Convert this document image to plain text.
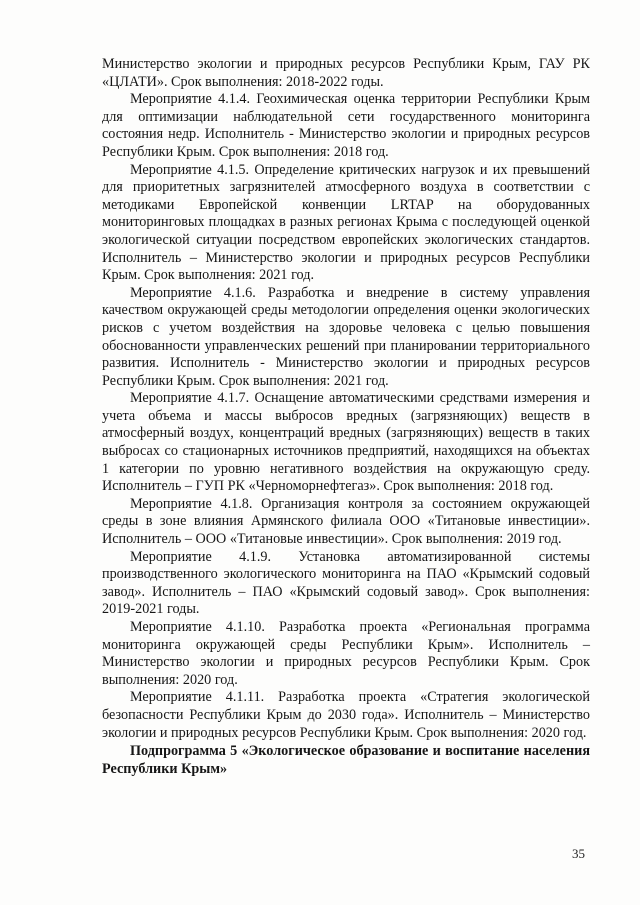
Министерство экологии и природных ресурсов Республики Крым, ГАУ РК «ЦЛАТИ». Срок выполнения: 2018-2022 годы.

Мероприятие 4.1.4. Геохимическая оценка территории Республики Крым для оптимизации наблюдательной сети государственного мониторинга состояния недр. Исполнитель - Министерство экологии и природных ресурсов Республики Крым. Срок выполнения: 2018 год.

Мероприятие 4.1.5. Определение критических нагрузок и их превышений для приоритетных загрязнителей атмосферного воздуха в соответствии с методиками Европейской конвенции LRTAP на оборудованных мониторинговых площадках в разных регионах Крыма с последующей оценкой экологической ситуации посредством европейских экологических стандартов. Исполнитель – Министерство экологии и природных ресурсов Республики Крым. Срок выполнения: 2021 год.

Мероприятие 4.1.6. Разработка и внедрение в систему управления качеством окружающей среды методологии определения оценки экологических рисков с учетом воздействия на здоровье человека с целью повышения обоснованности управленческих решений при планировании территориального развития. Исполнитель - Министерство экологии и природных ресурсов Республики Крым. Срок выполнения: 2021 год.

Мероприятие 4.1.7. Оснащение автоматическими средствами измерения и учета объема и массы выбросов вредных (загрязняющих) веществ в атмосферный воздух, концентраций вредных (загрязняющих) веществ в таких выбросах со стационарных источников предприятий, находящихся на объектах 1 категории по уровню негативного воздействия на окружающую среду. Исполнитель – ГУП РК «Черноморнефтегаз». Срок выполнения: 2018 год.

Мероприятие 4.1.8. Организация контроля за состоянием окружающей среды в зоне влияния Армянского филиала ООО «Титановые инвестиции». Исполнитель – ООО «Титановые инвестиции». Срок выполнения: 2019 год.

Мероприятие 4.1.9. Установка автоматизированной системы производственного экологического мониторинга на ПАО «Крымский содовый завод». Исполнитель – ПАО «Крымский содовый завод». Срок выполнения: 2019-2021 годы.

Мероприятие 4.1.10. Разработка проекта «Региональная программа мониторинга окружающей среды Республики Крым». Исполнитель – Министерство экологии и природных ресурсов Республики Крым. Срок выполнения: 2020 год.

Мероприятие 4.1.11. Разработка проекта «Стратегия экологической безопасности Республики Крым до 2030 года». Исполнитель – Министерство экологии и природных ресурсов Республики Крым. Срок выполнения: 2020 год.

Подпрограмма 5 «Экологическое образование и воспитание населения Республики Крым»

35
